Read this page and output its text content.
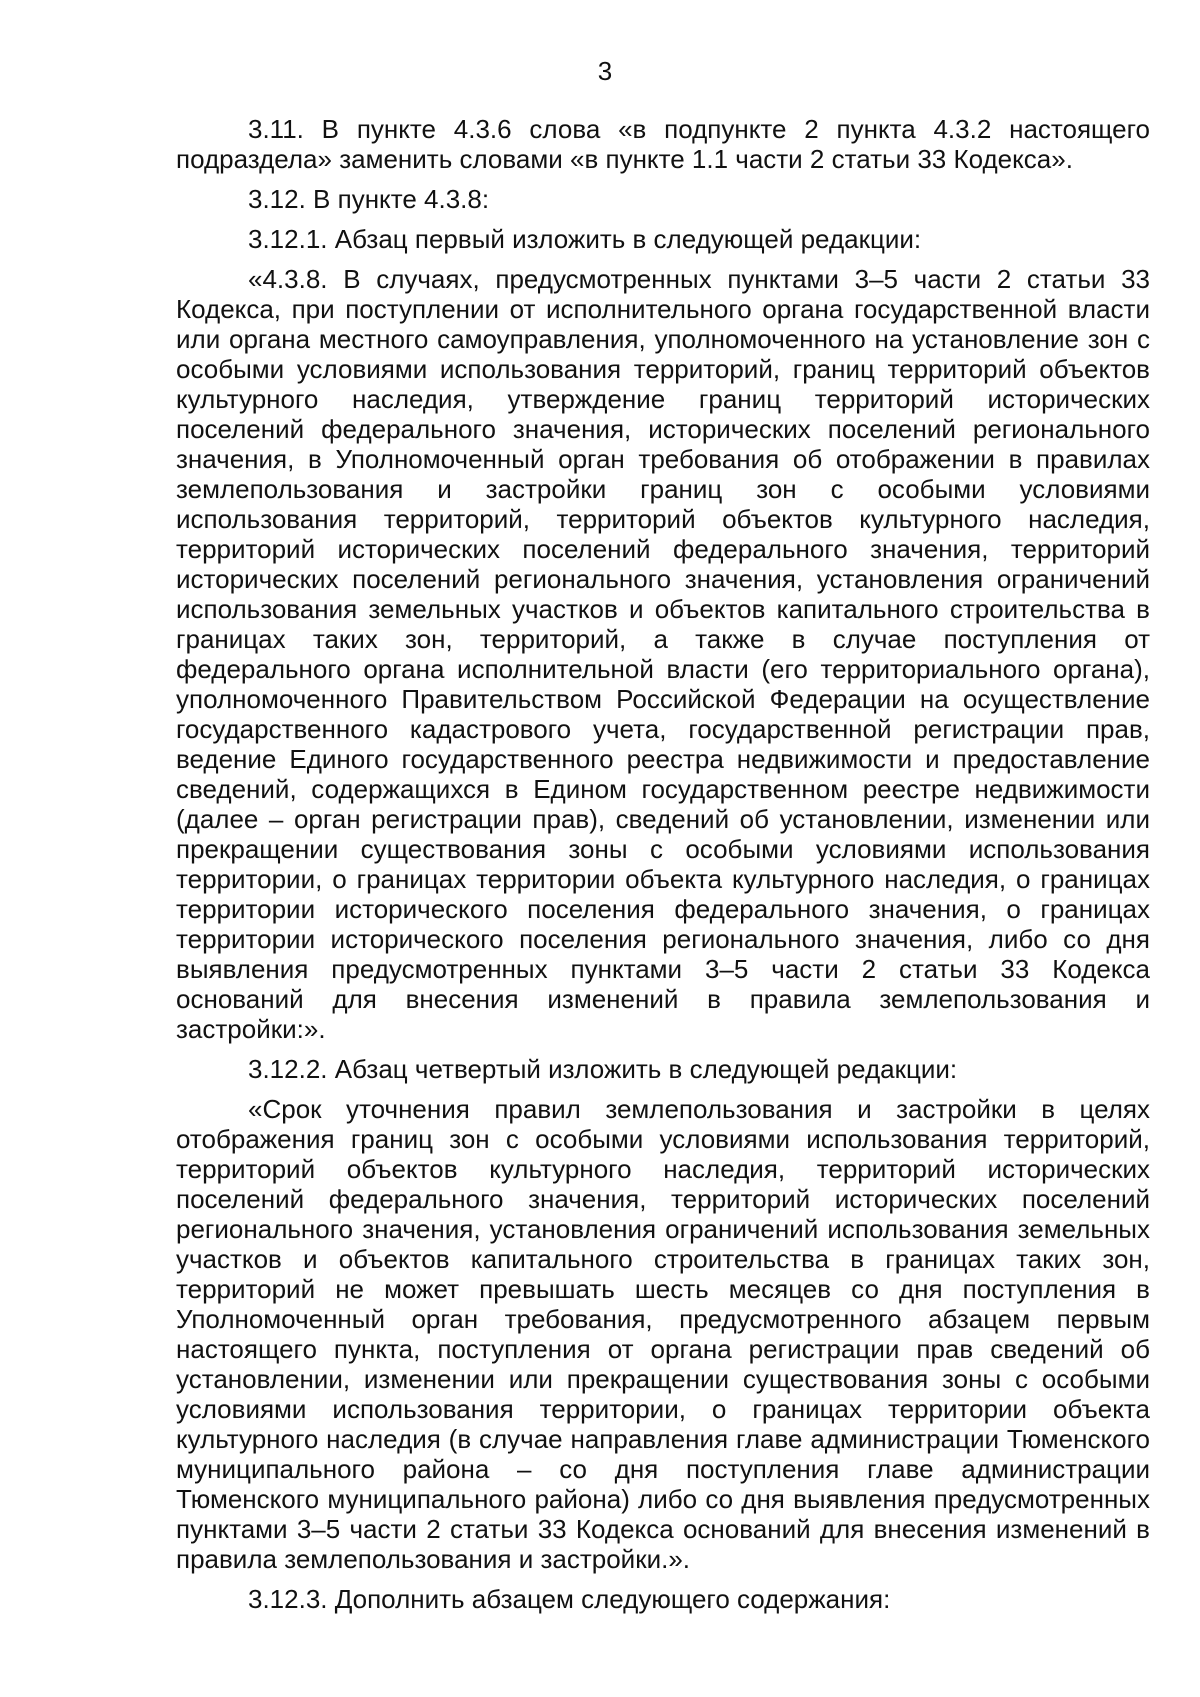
3

3.11. В пункте 4.3.6 слова «в подпункте 2 пункта 4.3.2 настоящего подраздела» заменить словами «в пункте 1.1 части 2 статьи 33 Кодекса».

3.12. В пункте 4.3.8:

3.12.1. Абзац первый изложить в следующей редакции:

«4.3.8. В случаях, предусмотренных пунктами 3–5 части 2 статьи 33 Кодекса, при поступлении от исполнительного органа государственной власти или органа местного самоуправления, уполномоченного на установление зон с особыми условиями использования территорий, границ территорий объектов культурного наследия, утверждение границ территорий исторических поселений федерального значения, исторических поселений регионального значения, в Уполномоченный орган требования об отображении в правилах землепользования и застройки границ зон с особыми условиями использования территорий, территорий объектов культурного наследия, территорий исторических поселений федерального значения, территорий исторических поселений регионального значения, установления ограничений использования земельных участков и объектов капитального строительства в границах таких зон, территорий, а также в случае поступления от федерального органа исполнительной власти (его территориального органа), уполномоченного Правительством Российской Федерации на осуществление государственного кадастрового учета, государственной регистрации прав, ведение Единого государственного реестра недвижимости и предоставление сведений, содержащихся в Едином государственном реестре недвижимости (далее – орган регистрации прав), сведений об установлении, изменении или прекращении существования зоны с особыми условиями использования территории, о границах территории объекта культурного наследия, о границах территории исторического поселения федерального значения, о границах территории исторического поселения регионального значения, либо со дня выявления предусмотренных пунктами 3–5 части 2 статьи 33 Кодекса оснований для внесения изменений в правила землепользования и застройки:».

3.12.2. Абзац четвертый изложить в следующей редакции:

«Срок уточнения правил землепользования и застройки в целях отображения границ зон с особыми условиями использования территорий, территорий объектов культурного наследия, территорий исторических поселений федерального значения, территорий исторических поселений регионального значения, установления ограничений использования земельных участков и объектов капитального строительства в границах таких зон, территорий не может превышать шесть месяцев со дня поступления в Уполномоченный орган требования, предусмотренного абзацем первым настоящего пункта, поступления от органа регистрации прав сведений об установлении, изменении или прекращении существования зоны с особыми условиями использования территории, о границах территории объекта культурного наследия (в случае направления главе администрации Тюменского муниципального района – со дня поступления главе администрации Тюменского муниципального района) либо со дня выявления предусмотренных пунктами 3–5 части 2 статьи 33 Кодекса оснований для внесения изменений в правила землепользования и застройки.».

3.12.3. Дополнить абзацем следующего содержания:
